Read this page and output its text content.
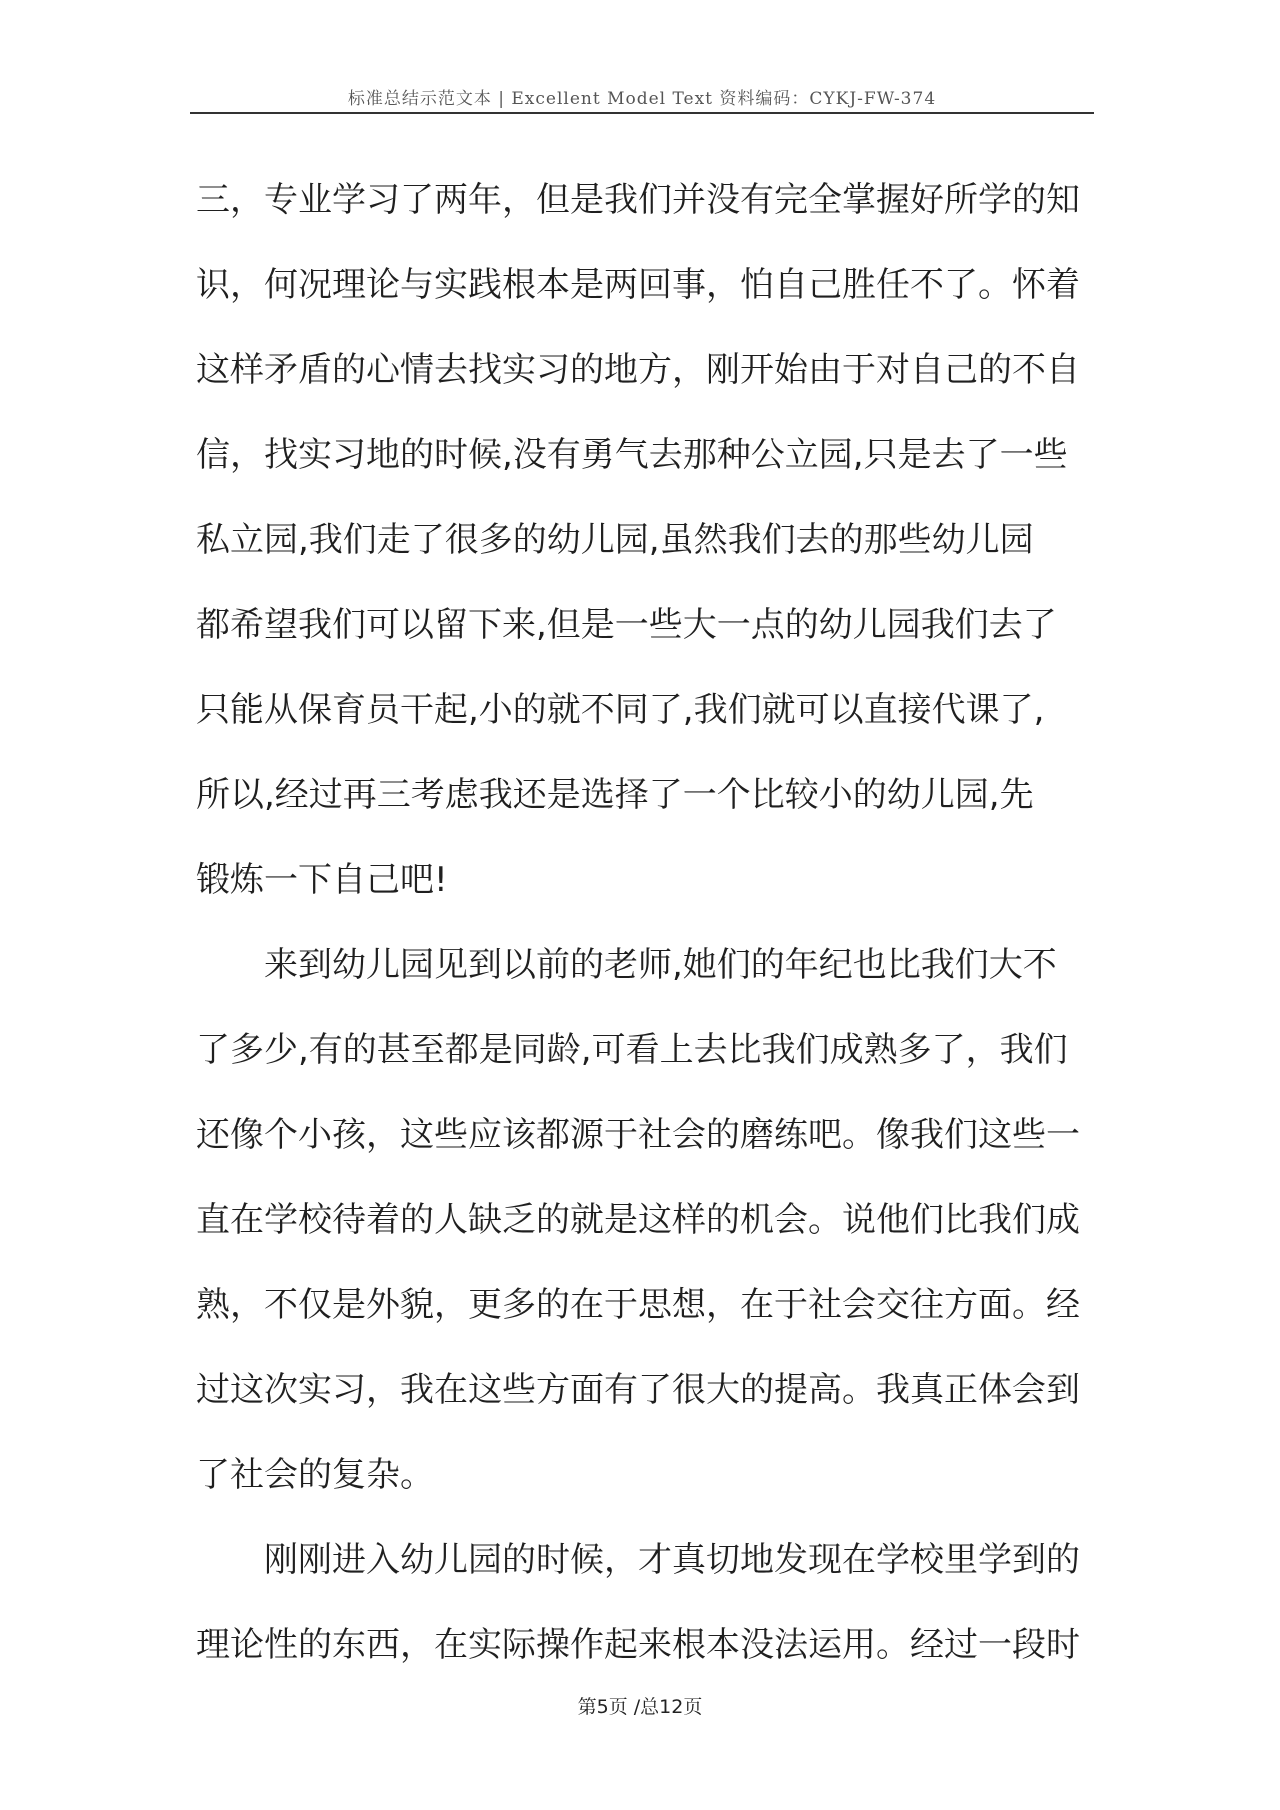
标准总结示范文本 | Excellent Model Text 资料编码：CYKJ-FW-374
三，专业学习了两年，但是我们并没有完全掌握好所学的知
识，何况理论与实践根本是两回事，怕自己胜任不了。怀着
这样矛盾的心情去找实习的地方，刚开始由于对自己的不自
信，找实习地的时候,没有勇气去那种公立园,只是去了一些
私立园,我们走了很多的幼儿园,虽然我们去的那些幼儿园
都希望我们可以留下来,但是一些大一点的幼儿园我们去了
只能从保育员干起,小的就不同了,我们就可以直接代课了,
所以,经过再三考虑我还是选择了一个比较小的幼儿园,先
锻炼一下自己吧!
来到幼儿园见到以前的老师,她们的年纪也比我们大不
了多少,有的甚至都是同龄,可看上去比我们成熟多了，我们
还像个小孩，这些应该都源于社会的磨练吧。像我们这些一
直在学校待着的人缺乏的就是这样的机会。说他们比我们成
熟，不仅是外貌，更多的在于思想，在于社会交往方面。经
过这次实习，我在这些方面有了很大的提高。我真正体会到
了社会的复杂。
刚刚进入幼儿园的时候，才真切地发现在学校里学到的
理论性的东西，在实际操作起来根本没法运用。经过一段时
第5页 /总12页
